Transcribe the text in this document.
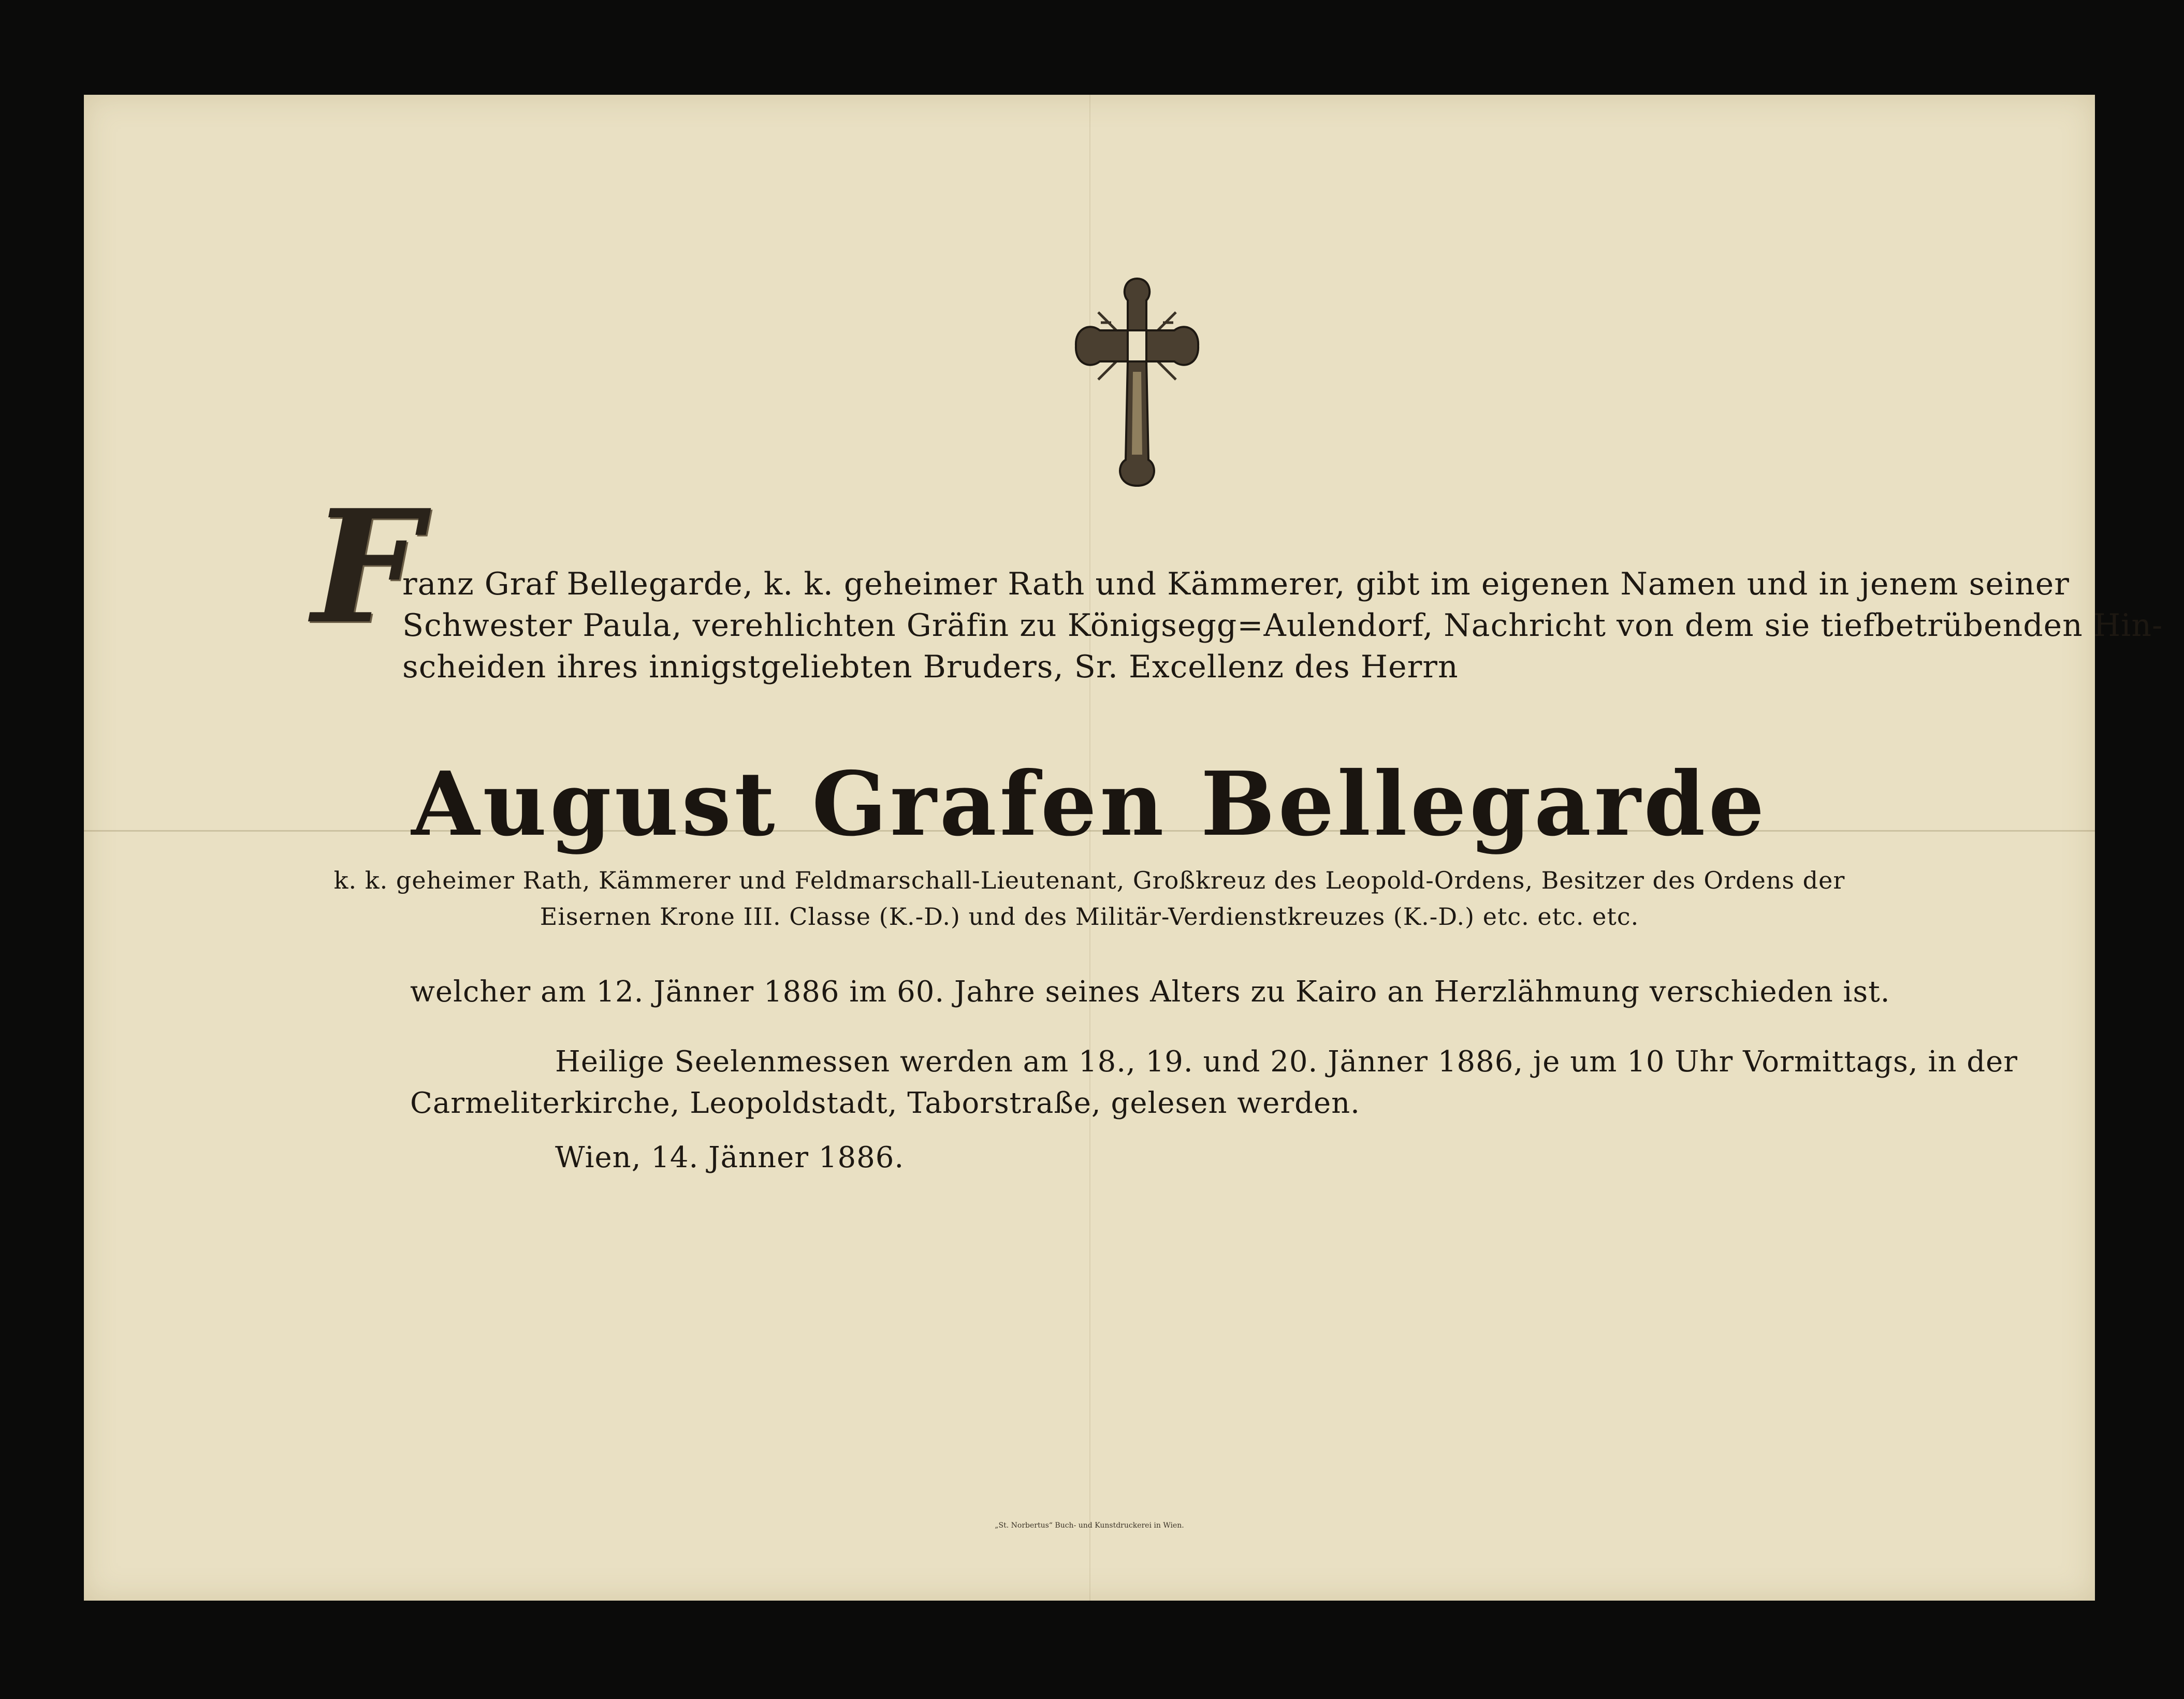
F
ranz Graf Bellegarde, k. k. geheimer Rath und Kämmerer, gibt im eigenen Namen und in jenem seiner
Schwester Paula, verehlichten Gräfin zu Königsegg=Aulendorf, Nachricht von dem sie tiefbetrübenden Hin-
scheiden ihres innigstgeliebten Bruders, Sr. Excellenz des Herrn
August Grafen Bellegarde
k. k. geheimer Rath, Kämmerer und Feldmarschall-Lieutenant, Großkreuz des Leopold-Ordens, Besitzer des Ordens der
Eisernen Krone III. Classe (K.-D.) und des Militär-Verdienstkreuzes (K.-D.) etc. etc. etc.
welcher am 12. Jänner 1886 im 60. Jahre seines Alters zu Kairo an Herzlähmung verschieden ist.
Heilige Seelenmessen werden am 18., 19. und 20. Jänner 1886, je um 10 Uhr Vormittags, in der
Carmeliterkirche, Leopoldstadt, Taborstraße, gelesen werden.
Wien, 14. Jänner 1886.
„St. Norbertus“ Buch- und Kunstdruckerei in Wien.
